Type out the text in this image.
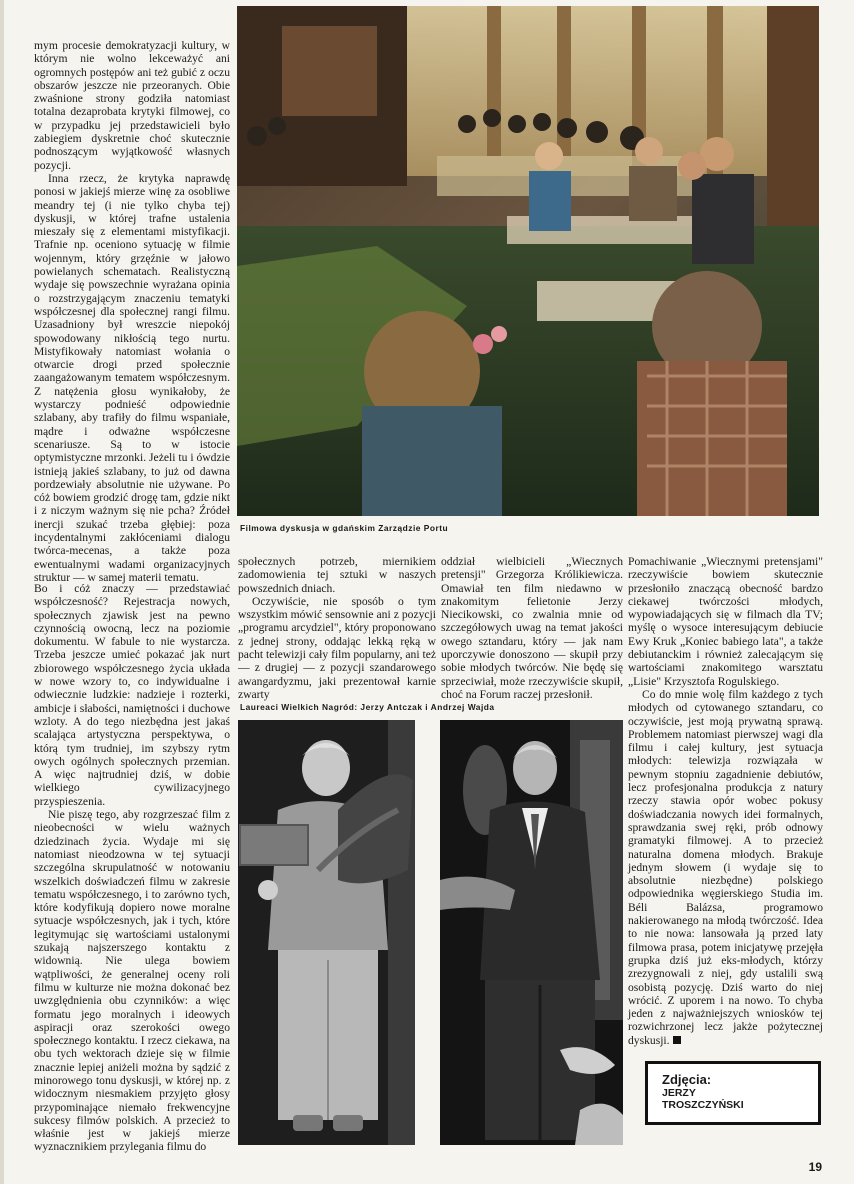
mym procesie demokratyzacji kultury, w którym nie wolno lekceważyć ani ogromnych postępów ani też gubić z oczu obszarów jeszcze nie przeoranych. Obie zwaśnione strony godziła natomiast totalna dezaprobata krytyki filmowej, co w przypadku jej przedstawicieli było zabiegiem dyskretnie choć skutecznie podnoszącym wyjątkowość własnych pozycji.

Inna rzecz, że krytyka naprawdę ponosi w jakiejś mierze winę za osobliwe meandry tej (i nie tylko chyba tej) dyskusji, w której trafne ustalenia mieszały się z elementami mistyfikacji. Trafnie np. oceniono sytuację w filmie wojennym, który grzęźnie w jałowo powielanych schematach. Realistyczną wydaje się powszechnie wyrażana opinia o rozstrzygającym znaczeniu tematyki współczesnej dla społecznej rangi filmu. Uzasadniony był wreszcie niepokój spowodowany nikłością tego nurtu. Mistyfikowały natomiast wołania o otwarcie drogi przed społecznie zaangażowanym tematem współczesnym. Z natężenia głosu wynikałoby, że wystarczy podnieść odpowiednie szlabany, aby trafiły do filmu wspaniałe, mądre i odważne współczesne scenariusze. Są to w istocie optymistyczne mrzonki. Jeżeli tu i ówdzie istnieją jakieś szlabany, to już od dawna pordzewiały absolutnie nie używane. Po cóż bowiem grodzić drogę tam, gdzie nikt i z niczym ważnym się nie pcha? Źródeł inercji szukać trzeba głębiej: poza incydentalnymi zakłóceniami dialogu twórca-mecenas, a także poza ewentualnymi wadami organizacyjnych struktur — w samej materii tematu.

Filmowa dyskusja w gdańskim Zarządzie Portu

Bo i cóż znaczy — przedstawiać współczesność? Rejestracja nowych, społecznych zjawisk jest na pewno czynnością owocną, lecz na poziomie dokumentu. W fabule to nie wystarcza. Trzeba jeszcze umieć pokazać jak nurt zbiorowego współczesnego życia układa w nowe wzory to, co indywidualne i odwiecznie ludzkie: nadzieje i rozterki, ambicje i słabości, namiętności i duchowe wzloty. A do tego niezbędna jest jakaś scalająca artystyczna perspektywa, o którą tym trudniej, im szybszy rytm owych ogólnych społecznych przemian. A więc najtrudniej dziś, w dobie wielkiego cywilizacyjnego przyspieszenia.

Nie piszę tego, aby rozgrzeszać film z nieobecności w wielu ważnych dziedzinach życia. Wydaje mi się natomiast nieodzowna w tej sytuacji szczególna skrupulatność w notowaniu wszelkich doświadczeń filmu w zakresie tematu współczesnego, i to zarówno tych, które kodyfikują dopiero nowe moralne sytuacje współczesnych, jak i tych, które legitymując się wartościami ustalonymi szukają najszerszego kontaktu z widownią. Nie ulega bowiem wątpliwości, że generalnej oceny roli filmu w kulturze nie można dokonać bez uwzględnienia obu czynników: a więc formatu jego moralnych i ideowych aspiracji oraz szerokości owego społecznego kontaktu. I rzecz ciekawa, na obu tych wektorach dzieje się w filmie znacznie lepiej aniżeli można by sądzić z minorowego tonu dyskusji, w której np. z widocznym niesmakiem przyjęto głosy przypominające niemało frekwencyjne sukcesy filmów polskich. A przecież to właśnie jest w jakiejś mierze wyznacznikiem przylegania filmu do

społecznych potrzeb, miernikiem zadomowienia tej sztuki w naszych powszednich dniach.

Oczywiście, nie sposób o tym wszystkim mówić sensownie ani z pozycji „programu arcydziel", który proponowano z jednej strony, oddając lekką ręką w pacht telewizji cały film popularny, ani też — z drugiej — z pozycji szandarowego awangardyzmu, jaki prezentował karnie zwarty

oddział wielbicieli „Wiecznych pretensji" Grzegorza Królikiewicza. Omawiał ten film niedawno w znakomitym felietonie Jerzy Niecikowski, co zwalnia mnie od szczegółowych uwag na temat jakości owego sztandaru, który — jak nam uporczywie donoszono — skupił przy sobie młodych twórców. Nie będę się sprzeciwiał, może rzeczywiście skupił, choć na Forum raczej przesłonił.

Pomachiwanie „Wiecznymi pretensjami" rzeczywiście bowiem skutecznie przesłoniło znaczącą obecność bardzo ciekawej twórczości młodych, wypowiadających się w filmach dla TV; myślę o wysoce interesującym debiucie Ewy Kruk „Koniec babiego lata", a także debiutanckim i również zalecającym się wartościami znakomitego warsztatu „Lisie" Krzysztofa Rogulskiego.

Co do mnie wolę film każdego z tych młodych od cytowanego sztandaru, co oczywiście, jest moją prywatną sprawą. Problemem natomiast pierwszej wagi dla filmu i całej kultury, jest sytuacja młodych: telewizja rozwiązała w pewnym stopniu zagadnienie debiutów, lecz profesjonalna produkcja z natury rzeczy stawia opór wobec pokusy doświadczania nowych idei formalnych, sprawdzania swej ręki, prób odnowy gramatyki filmowej. A to przecież naturalna domena młodych. Brakuje jednym słowem (i wydaje się to absolutnie niezbędne) polskiego odpowiednika węgierskiego Studia im. Béli Balázsa, programowo nakierowanego na młodą twórczość. Idea to nie nowa: lansowała ją przed laty filmowa prasa, potem inicjatywę przejęła grupka dziś już eks-młodych, którzy zrezygnowali z niej, gdy ustalili swą osobistą pozycję. Dziś warto do niej wrócić. Z uporem i na nowo. To chyba jeden z najważniejszych wniosków tej rozwichrzonej lecz jakże pożytecznej dyskusji.

Laureaci Wielkich Nagród: Jerzy Antczak i Andrzej Wajda
Zdjęcia:
JERZY
TROSZCZYŃSKI
19
